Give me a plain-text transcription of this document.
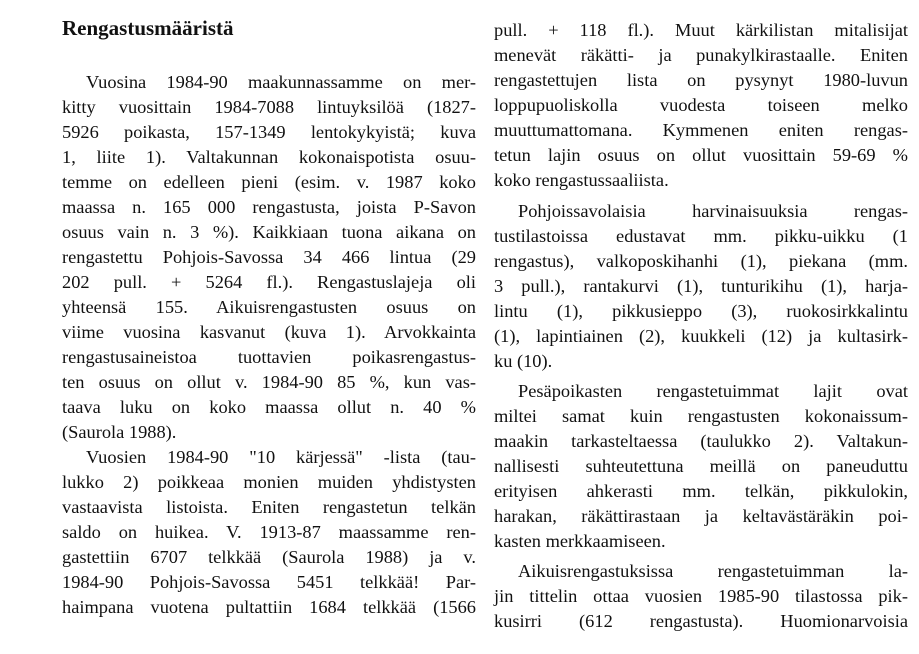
Rengastusmääristä
Vuosina 1984-90 maakunnassamme on mer-
kitty vuosittain 1984-7088 lintuyksilöä (1827-
5926 poikasta, 157-1349 lentokykyistä; kuva
1, liite 1). Valtakunnan kokonaispotista osuu-
temme on edelleen pieni (esim. v. 1987 koko
maassa n. 165 000 rengastusta, joista P-Savon
osuus vain n. 3 %). Kaikkiaan tuona aikana on
rengastettu Pohjois-Savossa 34 466 lintua (29
202 pull. + 5264 fl.). Rengastuslajeja oli
yhteensä 155. Aikuisrengastusten osuus on
viime vuosina kasvanut (kuva 1). Arvokkainta
rengastusaineistoa tuottavien poikasrengastus-
ten osuus on ollut v. 1984-90 85 %, kun vas-
taava luku on koko maassa ollut n. 40 %
(Saurola 1988).
Vuosien 1984-90 "10 kärjessä" -lista (tau-
lukko 2) poikkeaa monien muiden yhdistysten
vastaavista listoista. Eniten rengastetun telkän
saldo on huikea. V. 1913-87 maassamme ren-
gastettiin 6707 telkkää (Saurola 1988) ja v.
1984-90 Pohjois-Savossa 5451 telkkää! Par-
haimpana vuotena pultattiin 1684 telkkää (1566
pull. + 118 fl.). Muut kärkilistan mitalisijat
menevät räkätti- ja punakylkirastaalle. Eniten
rengastettujen lista on pysynyt 1980-luvun
loppupuoliskolla vuodesta toiseen melko
muuttumattomana. Kymmenen eniten rengas-
tetun lajin osuus on ollut vuosittain 59-69 %
koko rengastussaaliista.
Pohjoissavolaisia harvinaisuuksia rengas-
tustilastoissa edustavat mm. pikku-uikku (1
rengastus), valkoposkihanhi (1), piekana (mm.
3 pull.), rantakurvi (1), tunturikihu (1), harja-
lintu (1), pikkusieppo (3), ruokosirkkalintu
(1), lapintiainen (2), kuukkeli (12) ja kultasirk-
ku (10).
Pesäpoikasten rengastetuimmat lajit ovat
miltei samat kuin rengastusten kokonaissum-
maakin tarkasteltaessa (taulukko 2). Valtakun-
nallisesti suhteutettuna meillä on paneuduttu
erityisen ahkerasti mm. telkän, pikkulokin,
harakan, räkättirastaan ja keltavästäräkin poi-
kasten merkkaamiseen.
Aikuisrengastuksissa rengastetuimman la-
jin tittelin ottaa vuosien 1985-90 tilastossa pik-
kusirri (612 rengastusta). Huomionarvoisia
